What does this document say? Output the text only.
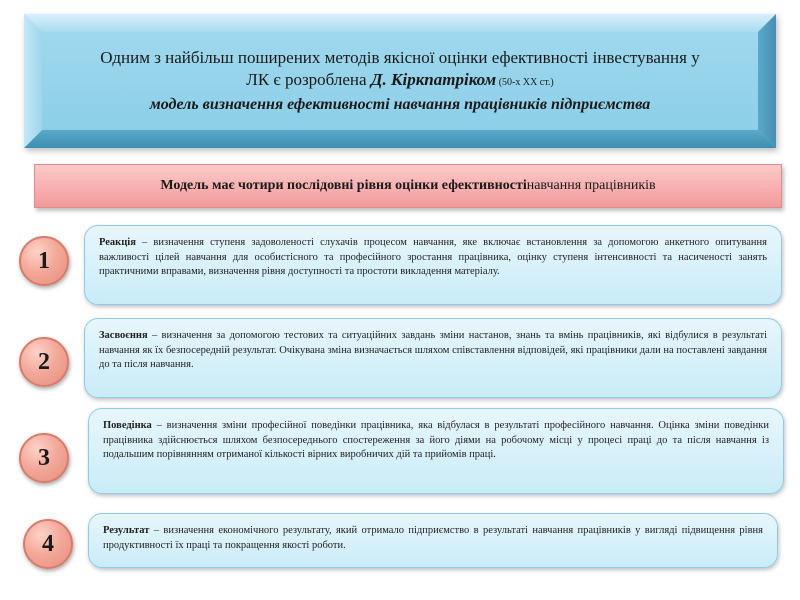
Одним з найбільш поширених методів якісної оцінки ефективності інвестування у
ЛК є розроблена Д. Кіркпатріком (50-х ХХ ст.)
модель визначення ефективності навчання працівників підприємства
Модель має чотири послідовні рівня оцінки ефективності навчання працівників
1
Реакція – визначення ступеня задоволеності слухачів процесом навчання, яке включає встановлення за допомогою анкетного опитування важливості цілей навчання для особистісного та професійного зростання працівника, оцінку ступеня інтенсивності та насиченості занять практичними вправами, визначення рівня доступності та простоти викладення матеріалу.
2
Засвоєння – визначення за допомогою тестових та ситуаційних завдань зміни настанов, знань та вмінь працівників, які відбулися в результаті навчання як їх безпосередній результат. Очікувана зміна визначається шляхом співставлення відповідей, які працівники дали на поставлені завдання до та після навчання.
3
Поведінка – визначення зміни професійної поведінки працівника, яка відбулася в результаті професійного навчання. Оцінка зміни поведінки працівника здійснюється шляхом безпосереднього спостереження за його діями на робочому місці у процесі праці до та після навчання із подальшим порівнянням отриманої кількості вірних виробничих дій та прийомів праці.
4	Результат – визначення економічного результату, який отримало підприємство в результаті навчання працівників у вигляді підвищення рівня продуктивності їх праці та покращення якості роботи.
